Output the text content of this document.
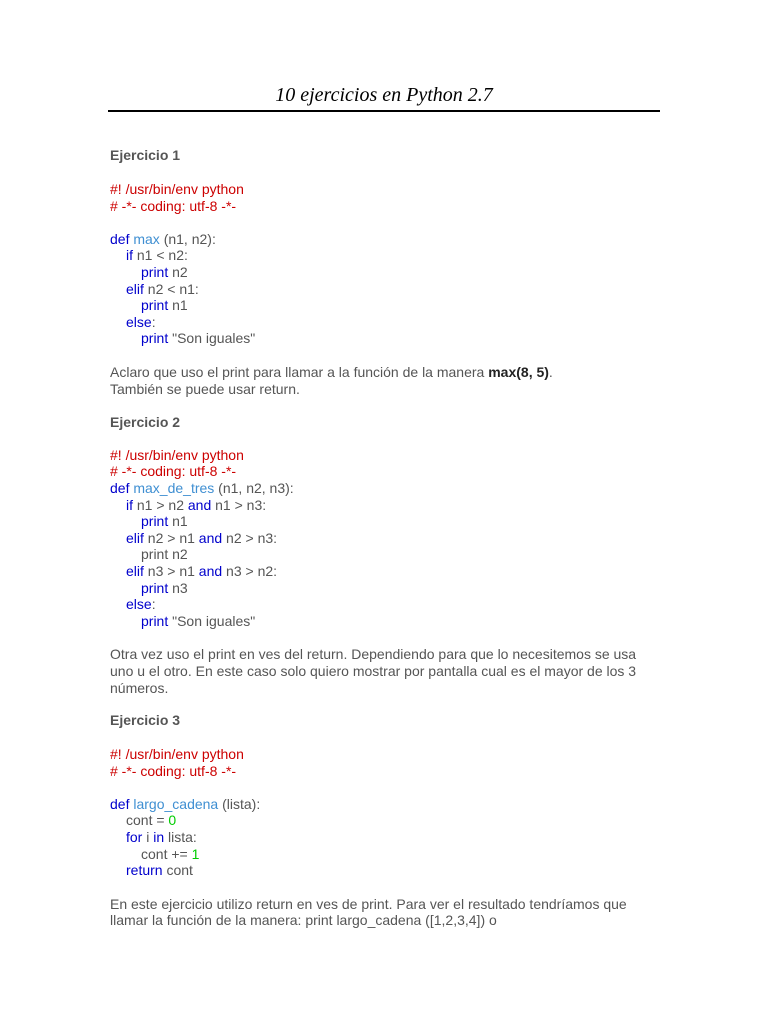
10 ejercicios en Python 2.7
Ejercicio 1
#! /usr/bin/env python
# -*- coding: utf-8 -*-
def max (n1, n2):
if n1 < n2:
print n2
elif n2 < n1:
print n1
else:
print "Son iguales"
Aclaro que uso el print para llamar a la función de la manera max(8, 5).
También se puede usar return.
Ejercicio 2
#! /usr/bin/env python
# -*- coding: utf-8 -*-
def max_de_tres (n1, n2, n3):
if n1 > n2 and n1 > n3:
print n1
elif n2 > n1 and n2 > n3:
print n2
elif n3 > n1 and n3 > n2:
print n3
else:
print "Son iguales"
Otra vez uso el print en ves del return. Dependiendo para que lo necesitemos se usa
uno u el otro. En este caso solo quiero mostrar por pantalla cual es el mayor de los 3
números.
Ejercicio 3
#! /usr/bin/env python
# -*- coding: utf-8 -*-
def largo_cadena (lista):
cont = 0
for i in lista:
cont += 1
return cont
En este ejercicio utilizo return en ves de print. Para ver el resultado tendríamos que
llamar la función de la manera: print largo_cadena ([1,2,3,4]) o
